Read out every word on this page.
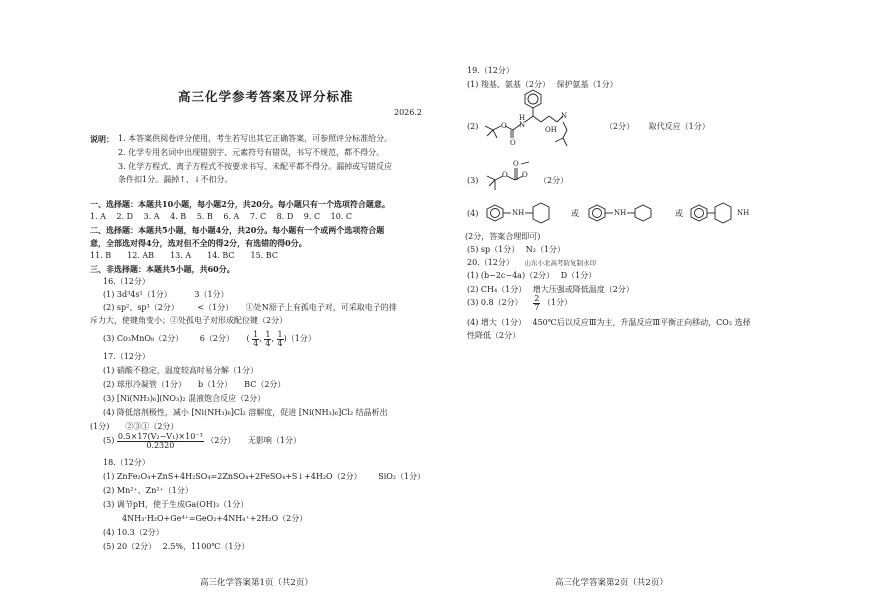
高三化学参考答案及评分标准
2026.2
说明： 1. 本答案供阅卷评分使用，考生若写出其它正确答案，可参照评分标准给分。
2. 化学专用名词中出现错别字、元素符号有错误，书写不规范，都不得分。
3. 化学方程式、离子方程式不按要求书写、未配平都不得分。漏掉或写错反应
条件扣1分。漏掉↑、↓不扣分。
一、选择题：本题共10小题，每小题2分，共20分。每小题只有一个选项符合题意。
1. A　 2. D　 3. A　 4. B　 5. B　 6. A　 7. C　 8. D　 9. C　 10. C
二、选择题：本题共5小题，每小题4分，共20分。每小题有一个或两个选项符合题
意，全部选对得4分，选对但不全的得2分，有选错的得0分。
11. B　　12. AB　　13. A　　14. BC　　15. BC
三、非选择题：本题共5小题，共60分。
16.（12分）
(1) 3d³4s¹（1分）	3（1分）
(2) sp²、sp³（2分） <（1分） ①处N原子上有孤电子对，可采取电子的排
斥力大，使键角变小；②处孤电子对形成配位键（2分）
(3) Co₃MnO₈（2分） 6（2分） ( $\frac{1}{4}$ , $\frac{1}{4}$ , $\frac{1}{4} )(1$分）
17.（12分）
(1) 硝酸不稳定，温度较高时易分解（1分）
(2) 球形冷凝管（1分）　　b（1分）　　BC（2分）
(3) [Ni(NH₃)₆](NO₃)₂ 混液饱合反应（2分）
(4) 降低溶剂极性，减小 [Ni(NH₃)₆]Cl₂ 溶解度，促进 [Ni(NH₃)₆]Cl₂ 结晶析出
(1分)　　②③①（2分）
$(5) \frac{\text{0.5×17(V₂−V₁)×10⁻³}}{0.2320} (2$分） 无影响（1分）
18.（12分）
(1) ZnFe₂O₄+ZnS+4H₂SO₄=2ZnSO₄+2FeSO₄+S↓+4H₂O（2分） SiO₂（1分）
(2) Mn²⁺、Zn²⁺（1分）
(3) 调节pH，使于生成Ga(OH)₃（1分）
4NH₃·H₂O+Ge⁴⁺=GeO₂+4NH₄⁺+2H₂O（2分）
(4) 10.3（2分）
(5) 20（2分）　 2.5%，1100℃（1分）
高三化学答案第1页（共2页）
19.（12分）
(1) 羧基、氨基（2分）　 保护氨基（1分）
(2)	OH
H
N
O
O
N
（2分） 取代反应（1分）
(3)
O O
O
（2分）
(4)	NH	或	NH	或	NH
(2分，答案合理即可)
(5) sp（1分）　 N₂（1分）
20.（12分） 山东小北高考防复制水印
(1) (b−2c−4a)（2分）　 D（1分）
(2) CH₄（1分）　 增大压强或降低温度（2分）
(3) 0.8（2分） $\frac{2}{7} (1$分）
(4) 增大（1分）　 450℃后以反应Ⅲ为主，升温反应Ⅲ平衡正向移动，CO₂ 选择
性降低（2分）
高三化学答案第2页（共2页）
